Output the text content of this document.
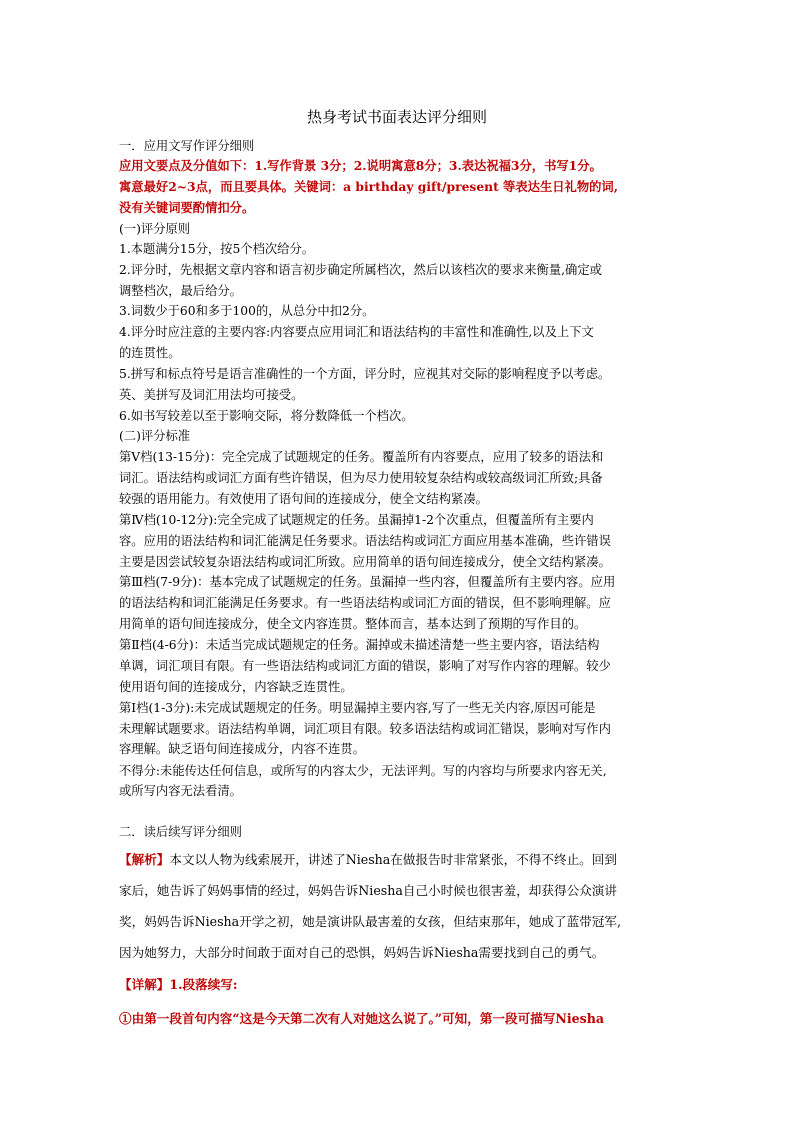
热身考试书面表达评分细则
一．应用文写作评分细则
应用文要点及分值如下：1.写作背景 3分；2.说明寓意8分；3.表达祝福3分，书写1分。
寓意最好2~3点，而且要具体。关键词：a birthday gift/present 等表达生日礼物的词,
没有关键词要酌情扣分。
(一)评分原则
1.本题满分15分，按5个档次给分。
2.评分时，先根据文章内容和语言初步确定所属档次，然后以该档次的要求来衡量,确定或
调整档次，最后给分。
3.词数少于60和多于100的，从总分中扣2分。
4.评分时应注意的主要内容:内容要点应用词汇和语法结构的丰富性和准确性,以及上下文
的连贯性。
5.拼写和标点符号是语言准确性的一个方面，评分时，应视其对交际的影响程度予以考虑。
英、美拼写及词汇用法均可接受。
6.如书写较差以至于影响交际，将分数降低一个档次。
(二)评分标准
第Ⅴ档(13-15分)：完全完成了试题规定的任务。覆盖所有内容要点，应用了较多的语法和
词汇。语法结构或词汇方面有些许错误，但为尽力使用较复杂结构或较高级词汇所致;具备
较强的语用能力。有效使用了语句间的连接成分，使全文结构紧凑。
第Ⅳ档(10-12分):完全完成了试题规定的任务。虽漏掉1-2个次重点，但覆盖所有主要内
容。应用的语法结构和词汇能满足任务要求。语法结构或词汇方面应用基本准确，些许错误
主要是因尝试较复杂语法结构或词汇所致。应用简单的语句间连接成分，使全文结构紧凑。
第Ⅲ档(7-9分)：基本完成了试题规定的任务。虽漏掉一些内容，但覆盖所有主要内容。应用
的语法结构和词汇能满足任务要求。有一些语法结构或词汇方面的错误，但不影响理解。应
用简单的语句间连接成分，使全文内容连贯。整体而言，基本达到了预期的写作目的。
第Ⅱ档(4-6分)：未适当完成试题规定的任务。漏掉或未描述清楚一些主要内容，语法结构
单调，词汇项目有限。有一些语法结构或词汇方面的错误，影响了对写作内容的理解。较少
使用语句间的连接成分，内容缺乏连贯性。
第Ⅰ档(1-3分):未完成试题规定的任务。明显漏掉主要内容,写了一些无关内容,原因可能是
未理解试题要求。语法结构单调，词汇项目有限。较多语法结构或词汇错误，影响对写作内
容理解。缺乏语句间连接成分，内容不连贯。
不得分:未能传达任何信息，或所写的内容太少，无法评判。写的内容均与所要求内容无关,
或所写内容无法看清。
二．读后续写评分细则
【解析】本文以人物为线索展开，讲述了Niesha在做报告时非常紧张，不得不终止。回到
家后，她告诉了妈妈事情的经过，妈妈告诉Niesha自己小时候也很害羞，却获得公众演讲
奖，妈妈告诉Niesha开学之初，她是演讲队最害羞的女孩，但结束那年，她成了蓝带冠军,
因为她努力，大部分时间敢于面对自己的恐惧，妈妈告诉Niesha需要找到自己的勇气。
【详解】1.段落续写:
①由第一段首句内容“这是今天第二次有人对她这么说了。”可知，第一段可描写Niesha
